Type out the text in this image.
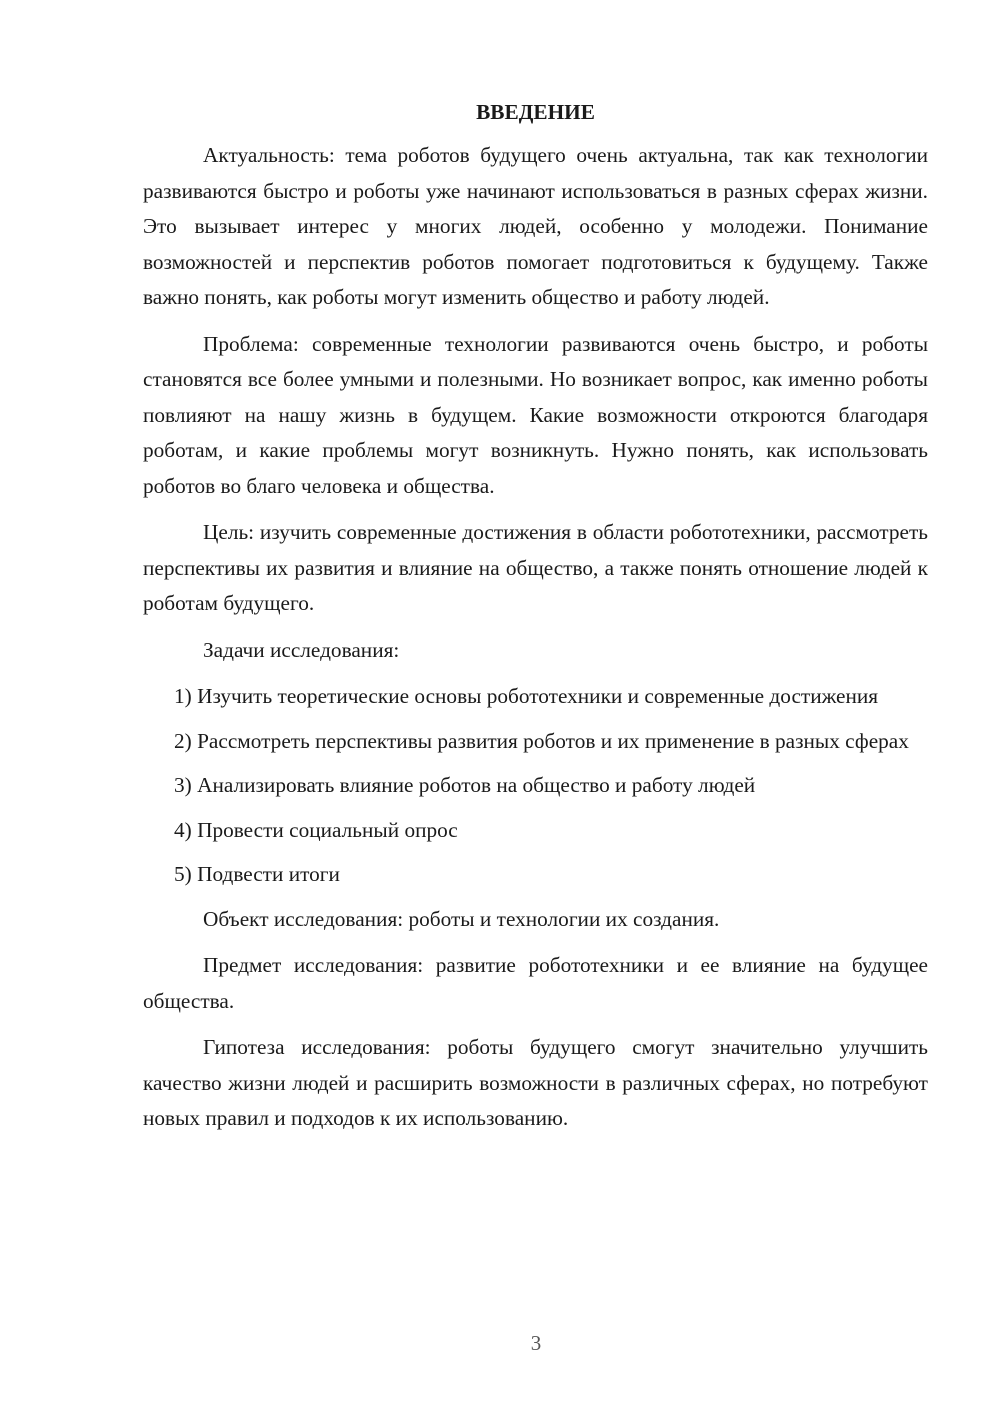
ВВЕДЕНИЕ

Актуальность: тема роботов будущего очень актуальна, так как технологии развиваются быстро и роботы уже начинают использоваться в разных сферах жизни. Это вызывает интерес у многих людей, особенно у молодежи. Понимание возможностей и перспектив роботов помогает подготовиться к будущему. Также важно понять, как роботы могут изменить общество и работу людей.

Проблема: современные технологии развиваются очень быстро, и роботы становятся все более умными и полезными. Но возникает вопрос, как именно роботы повлияют на нашу жизнь в будущем. Какие возможности откроются благодаря роботам, и какие проблемы могут возникнуть. Нужно понять, как использовать роботов во благо человека и общества.

Цель: изучить современные достижения в области робототехники, рассмотреть перспективы их развития и влияние на общество, а также понять отношение людей к роботам будущего.

Задачи исследования:

1) Изучить теоретические основы робототехники и современные достижения

2) Рассмотреть перспективы развития роботов и их применение в разных сферах

3) Анализировать влияние роботов на общество и работу людей

4) Провести социальный опрос

5) Подвести итоги

Объект исследования: роботы и технологии их создания.

Предмет исследования: развитие робототехники и ее влияние на будущее общества.

Гипотеза исследования: роботы будущего смогут значительно улучшить качество жизни людей и расширить возможности в различных сферах, но потребуют новых правил и подходов к их использованию.

3
